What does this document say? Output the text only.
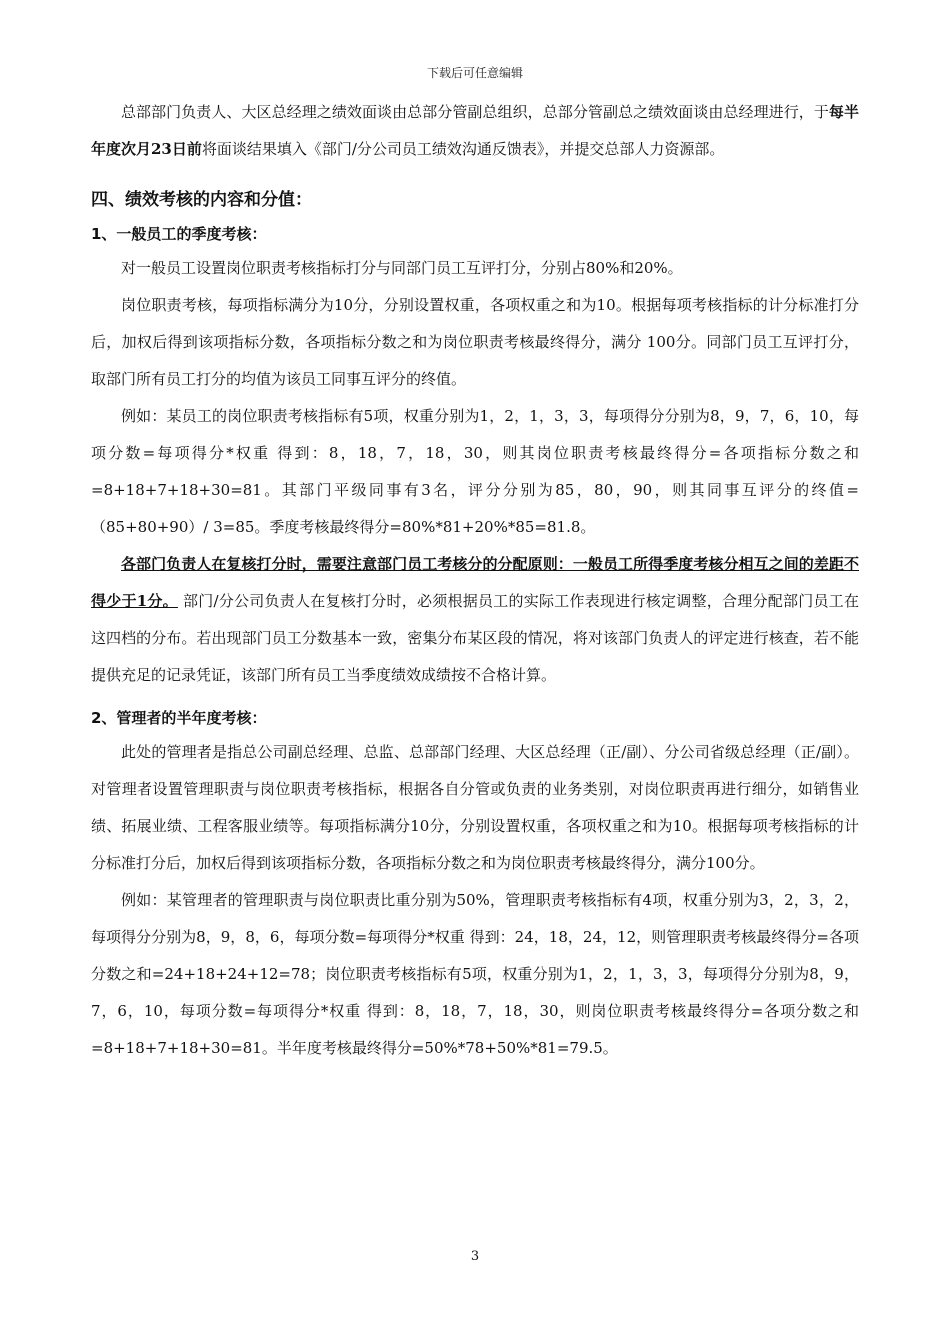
下载后可任意编辑

总部部门负责人、大区总经理之绩效面谈由总部分管副总组织，总部分管副总之绩效面谈由总经理进行，于每半年度次月23日前将面谈结果填入《部门/分公司员工绩效沟通反馈表》，并提交总部人力资源部。

四、绩效考核的内容和分值：

1、一般员工的季度考核：

对一般员工设置岗位职责考核指标打分与同部门员工互评打分，分别占80%和20%。

岗位职责考核，每项指标满分为10分，分别设置权重，各项权重之和为10。根据每项考核指标的计分标准打分后，加权后得到该项指标分数，各项指标分数之和为岗位职责考核最终得分，满分 100分。同部门员工互评打分，取部门所有员工打分的均值为该员工同事互评分的终值。

例如：某员工的岗位职责考核指标有5项，权重分别为1，2，1，3，3，每项得分分别为8，9，7，6，10，每项分数=每项得分*权重 得到：8，18，7，18，30，则其岗位职责考核最终得分=各项指标分数之和=8+18+7+18+30=81。其部门平级同事有3名，评分分别为85，80，90，则其同事互评分的终值=（85+80+90）/ 3=85。季度考核最终得分=80%*81+20%*85=81.8。

各部门负责人在复核打分时，需要注意部门员工考核分的分配原则：一般员工所得季度考核分相互之间的差距不得少于1分。 部门/分公司负责人在复核打分时，必须根据员工的实际工作表现进行核定调整，合理分配部门员工在这四档的分布。若出现部门员工分数基本一致，密集分布某区段的情况，将对该部门负责人的评定进行核查，若不能提供充足的记录凭证，该部门所有员工当季度绩效成绩按不合格计算。

2、管理者的半年度考核：

此处的管理者是指总公司副总经理、总监、总部部门经理、大区总经理（正/副）、分公司省级总经理（正/副）。对管理者设置管理职责与岗位职责考核指标，根据各自分管或负责的业务类别，对岗位职责再进行细分，如销售业绩、拓展业绩、工程客服业绩等。每项指标满分10分，分别设置权重，各项权重之和为10。根据每项考核指标的计分标准打分后，加权后得到该项指标分数，各项指标分数之和为岗位职责考核最终得分，满分100分。

例如：某管理者的管理职责与岗位职责比重分别为50%，管理职责考核指标有4项，权重分别为3，2，3，2，每项得分分别为8，9，8，6，每项分数=每项得分*权重 得到：24，18，24，12，则管理职责考核最终得分=各项分数之和=24+18+24+12=78；岗位职责考核指标有5项，权重分别为1，2，1，3，3，每项得分分别为8，9，7，6，10，每项分数=每项得分*权重 得到：8，18，7，18，30，则岗位职责考核最终得分=各项分数之和=8+18+7+18+30=81。半年度考核最终得分=50%*78+50%*81=79.5。

3
